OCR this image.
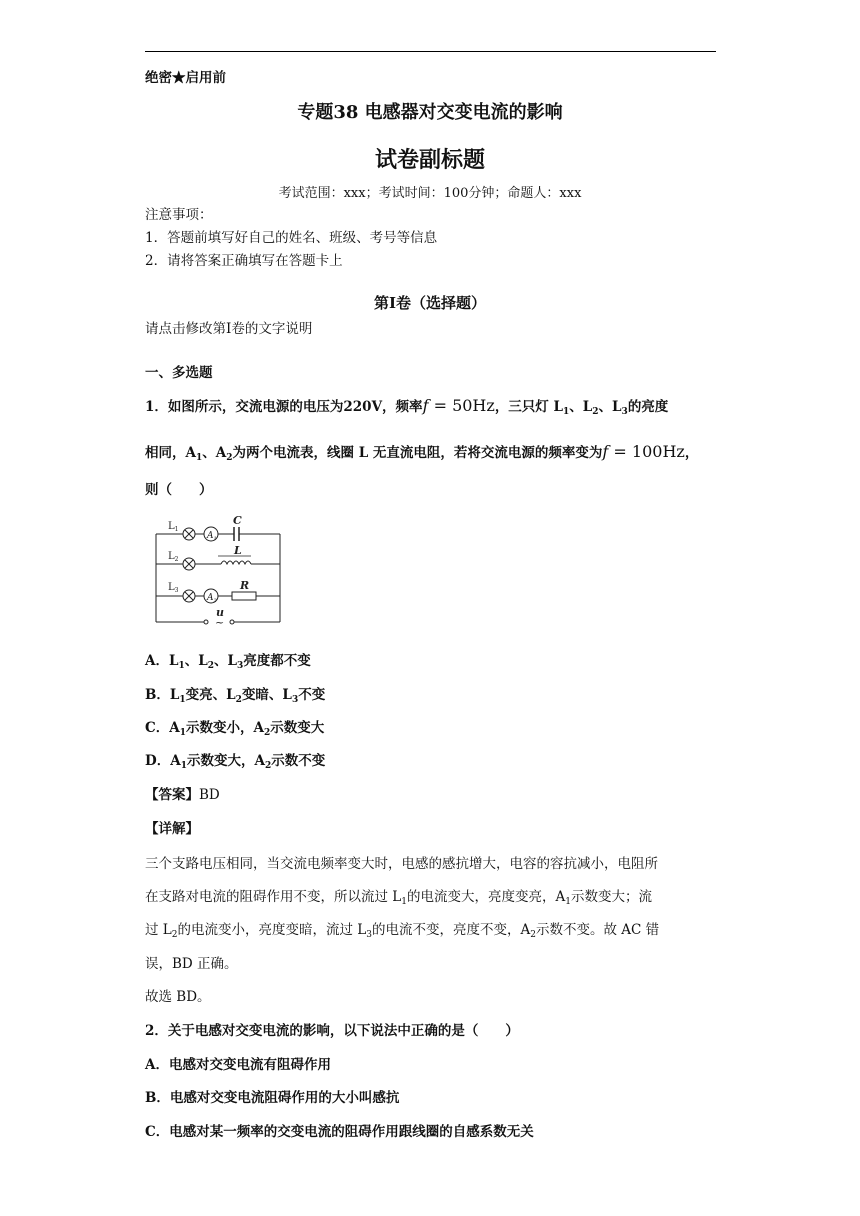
绝密★启用前
专题38 电感器对交变电流的影响
试卷副标题
考试范围：xxx；考试时间：100分钟；命题人：xxx
注意事项：
1．答题前填写好自己的姓名、班级、考号等信息
2．请将答案正确填写在答题卡上
第I卷（选择题）
请点击修改第I卷的文字说明
一、多选题
1．如图所示，交流电源的电压为220V，频率f = 50Hz，三只灯 $L_1$、$L_2$、$L_3$的亮度
相同，$A_1$、$A_2$为两个电流表，线圈 L 无直流电阻，若将交流电源的频率变为f = 100Hz，
则（　　）
$L_1$
$L_2$
$L_3$
$A_1$
$A_2$
C
L
R
u
~
A．$L_1$、$L_2$、$L_3$亮度都不变
B．$L_1$变亮、$L_2$变暗、$L_3$不变
C．$A_1$示数变小，$A_2$示数变大
D．$A_1$示数变大，$A_2$示数不变
【答案】BD
【详解】
三个支路电压相同，当交流电频率变大时，电感的感抗增大，电容的容抗减小，电阻所
在支路对电流的阻碍作用不变，所以流过 $L_1$的电流变大，亮度变亮，$A_1$示数变大；流
过 $L_2$的电流变小，亮度变暗，流过 $L_3$的电流不变，亮度不变，$A_2$示数不变。故 AC 错
误，BD 正确。
故选 BD。
2．关于电感对交变电流的影响，以下说法中正确的是（　　）
A．电感对交变电流有阻碍作用
B．电感对交变电流阻碍作用的大小叫感抗
C．电感对某一频率的交变电流的阻碍作用跟线圈的自感系数无关
